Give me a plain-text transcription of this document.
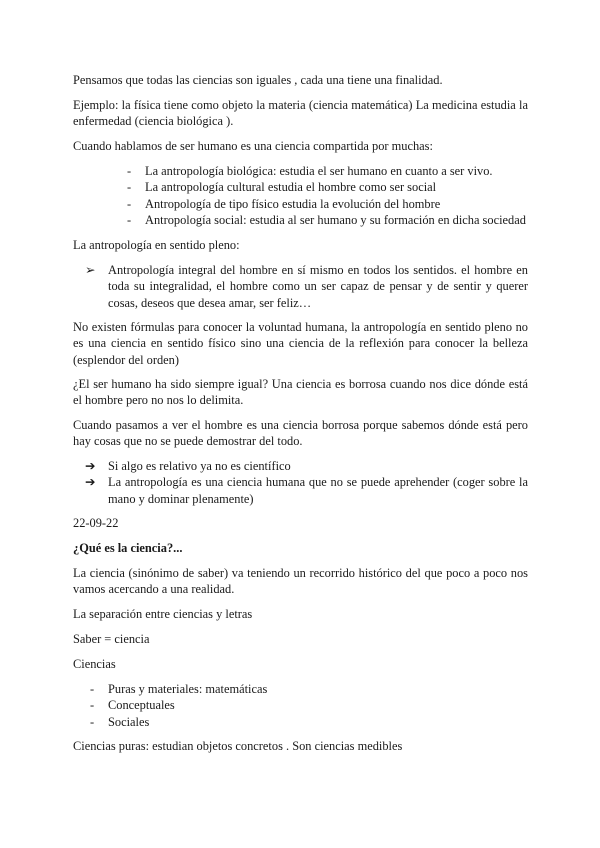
Pensamos que todas las ciencias son iguales , cada una tiene una finalidad.

Ejemplo: la física tiene como objeto la materia (ciencia matemática) La medicina estudia la enfermedad (ciencia biológica ).

Cuando hablamos de ser humano es una ciencia compartida por muchas:

- La antropología biológica: estudia el ser humano en cuanto a ser vivo.
- La antropología cultural estudia el hombre como ser social
- Antropología de tipo físico estudia la evolución del hombre
- Antropología social: estudia al ser humano y su formación en dicha sociedad

La antropología en sentido pleno:

➢ Antropología integral del hombre en sí mismo en todos los sentidos. el hombre en toda su integralidad, el hombre como un ser capaz de pensar y de sentir y querer cosas, deseos que desea amar, ser feliz…

No existen fórmulas para conocer la voluntad humana, la antropología en sentido pleno no es una ciencia en sentido físico sino una ciencia de la reflexión para conocer la belleza (esplendor del orden)

¿El ser humano ha sido siempre igual? Una ciencia es borrosa cuando nos dice dónde está el hombre pero no nos lo delimita.

Cuando pasamos a ver el hombre es una ciencia borrosa porque sabemos dónde está pero hay cosas que no se puede demostrar del todo.

➔ Si algo es relativo ya no es científico
➔ La antropología es una ciencia humana que no se puede aprehender (coger sobre la mano y dominar plenamente)

22-09-22

¿Qué es la ciencia?...

La ciencia (sinónimo de saber) va teniendo un recorrido histórico del que poco a poco nos vamos acercando a una realidad.

La separación entre ciencias y letras

Saber = ciencia

Ciencias

- Puras y materiales: matemáticas
- Conceptuales
- Sociales

Ciencias puras: estudian objetos concretos . Son ciencias medibles
